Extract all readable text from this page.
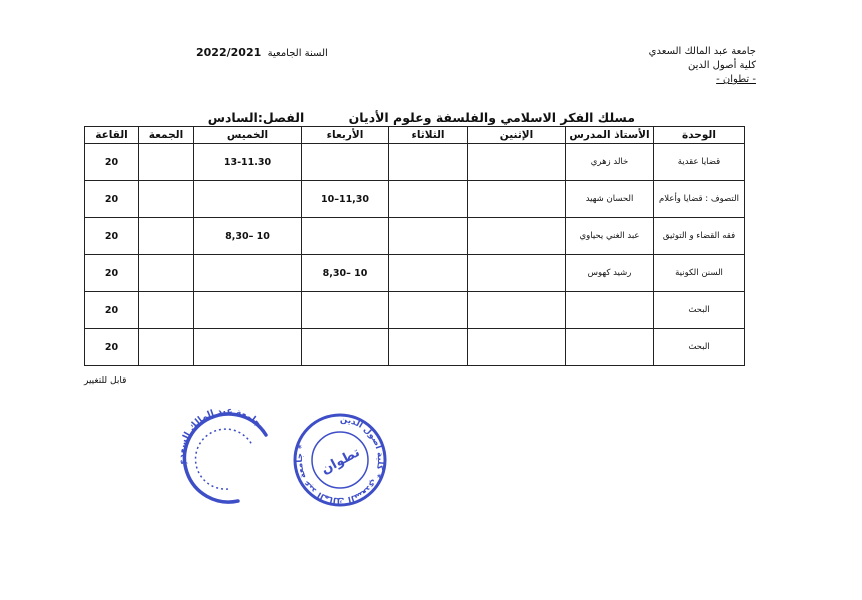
جامعة عبد المالك السعدي
كلية أصول الدين
- تطوان -
السنة الجامعية  2022/2021
مسلك الفكر الاسلامي والفلسفة وعلوم الأديان الفصل:السادس
الوحدة	الأستاذ المدرس	الإثنين	الثلاثاء	الأربعاء	الخميس	الجمعة	القاعة
قضايا عقدية	خالد زهري				13-11.30		20
التصوف : قضايا وأعلام	الحسان شهيد			11,30–10			20
فقه القضاء و التوثيق	عبد الغني يحياوي				10 –8,30		20
السنن الكونية	رشيد كهوس			10 –8,30			20
البحث							20
البحث							20
قابل للتغيير
جامعة عبد المالك السعدي	جامعة عبد المالك السعدي * كلية أصول الدين * تطوان
